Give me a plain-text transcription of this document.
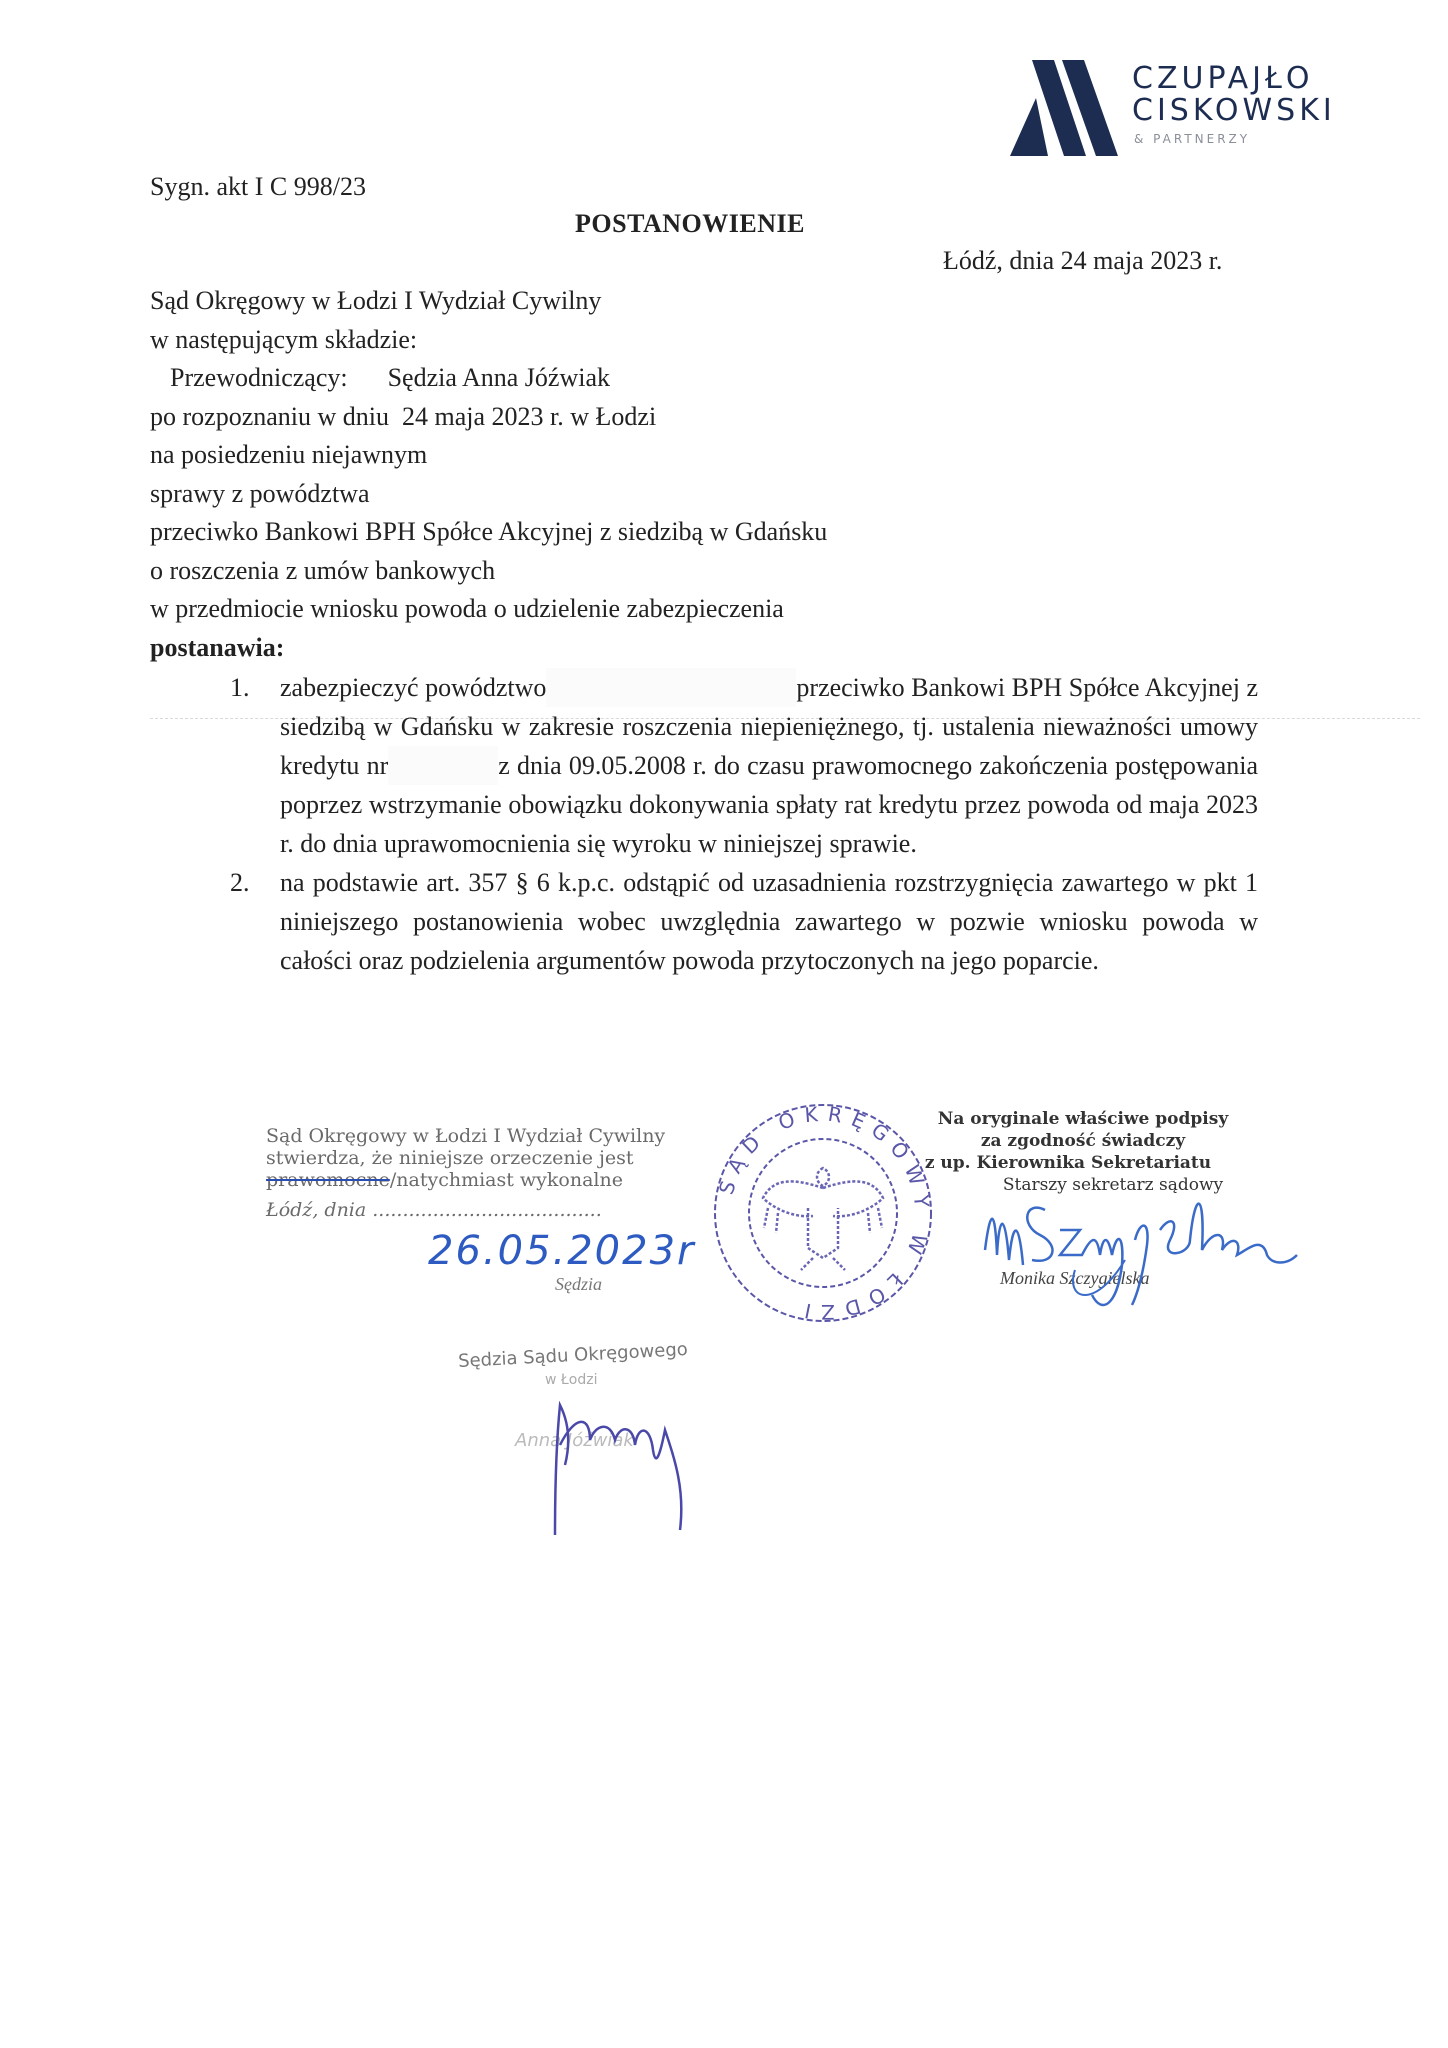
CZUPAJŁO
CISKOWSKI
& PARTNERZY
Sygn. akt I C 998/23
POSTANOWIENIE
Łódź, dnia 24 maja 2023 r.
Sąd Okręgowy w Łodzi I Wydział Cywilny
w następującym składzie:
Przewodniczący: Sędzia Anna Jóźwiak
po rozpoznaniu w dniu  24 maja 2023 r. w Łodzi
na posiedzeniu niejawnym
sprawy z powództwa
przeciwko Bankowi BPH Spółce Akcyjnej z siedzibą w Gdańsku
o roszczenia z umów bankowych
w przedmiocie wniosku powoda o udzielenie zabezpieczenia
postanawia:
1. zabezpieczyć powództwo	przeciwko Bankowi BPH Spółce Akcyjnej z siedzibą w Gdańsku w zakresie roszczenia niepieniężnego, tj. ustalenia nieważności umowy kredytu nr	z dnia 09.05.2008 r. do czasu prawomocnego zakończenia postępowania poprzez wstrzymanie obowiązku dokonywania spłaty rat kredytu przez powoda od maja 2023 r. do dnia uprawomocnienia się wyroku w niniejszej sprawie.

2. na podstawie art. 357 § 6 k.p.c. odstąpić od uzasadnienia rozstrzygnięcia zawartego w pkt 1 niniejszego postanowienia wobec uwzględnia zawartego w pozwie wniosku powoda w całości oraz podzielenia argumentów powoda przytoczonych na jego poparcie.

Sąd Okręgowy w Łodzi I Wydział Cywilny
stwierdza, że niniejsze orzeczenie jest
prawomocne/natychmiast wykonalne
Łódź, dnia ......................................
26.05.2023r
Sędzia
SĄD OKRĘGOWY W ŁODZI
Na oryginale właściwe podpisy
za zgodność świadczy
z up. Kierownika Sekretariatu
Starszy sekretarz sądowy
Monika Szczygielska
Sędzia Sądu Okręgowego
w Łodzi
Anna Jóźwiak
